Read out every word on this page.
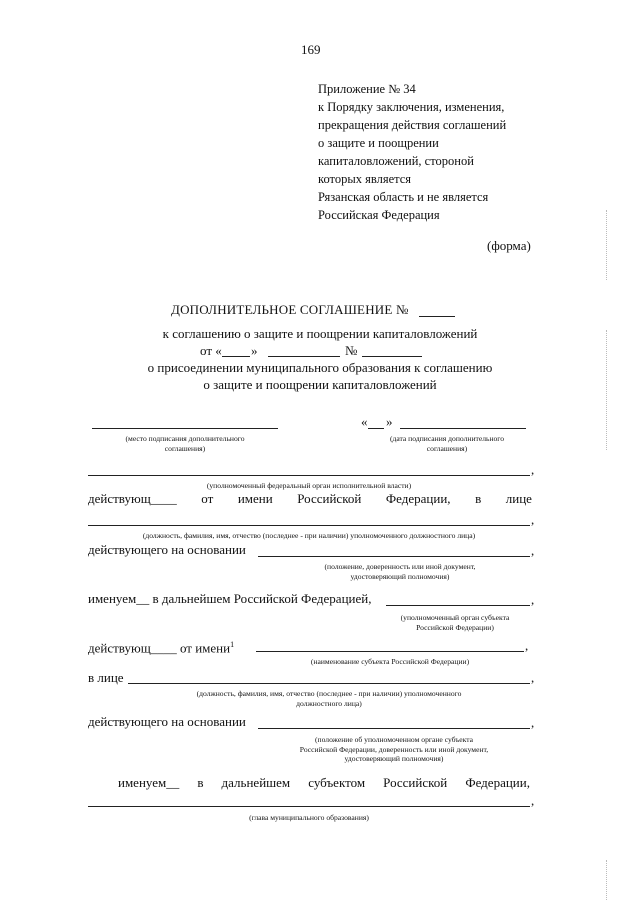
169
Приложение № 34
к Порядку заключения, изменения,
прекращения действия соглашений
о защите и поощрении
капиталовложений, стороной
которых является
Рязанская область и не является
Российская Федерация
(форма)
ДОПОЛНИТЕЛЬНОЕ СОГЛАШЕНИЕ №
к соглашению о защите и поощрении капиталовложений
от « »	№
о присоединении муниципального образования к соглашению
о защите и поощрении капиталовложений
« »
(место подписания дополнительного
соглашения)
(дата подписания дополнительного
соглашения)
,
(уполномоченный федеральный орган исполнительной власти)
действующ____ от имени Российской Федерации, в лице
,
(должность, фамилия, имя, отчество (последнее - при наличии) уполномоченного должностного лица)
действующего на основании	,
(положение, доверенность или иной документ,
удостоверяющий полномочия)
именуем__ в дальнейшем Российской Федерацией,	,
(уполномоченный орган субъекта
Российской Федерации)
действующ____ от имени$^1$	,
(наименование субъекта Российской Федерации)
в лице	,
(должность, фамилия, имя, отчество (последнее - при наличии) уполномоченного
должностного лица)
действующего на основании	,
(положение об уполномоченном органе субъекта
Российской Федерации, доверенность или иной документ,
удостоверяющий полномочия)
именуем__ в дальнейшем субъектом Российской Федерации,
,
(глава муниципального образования)
